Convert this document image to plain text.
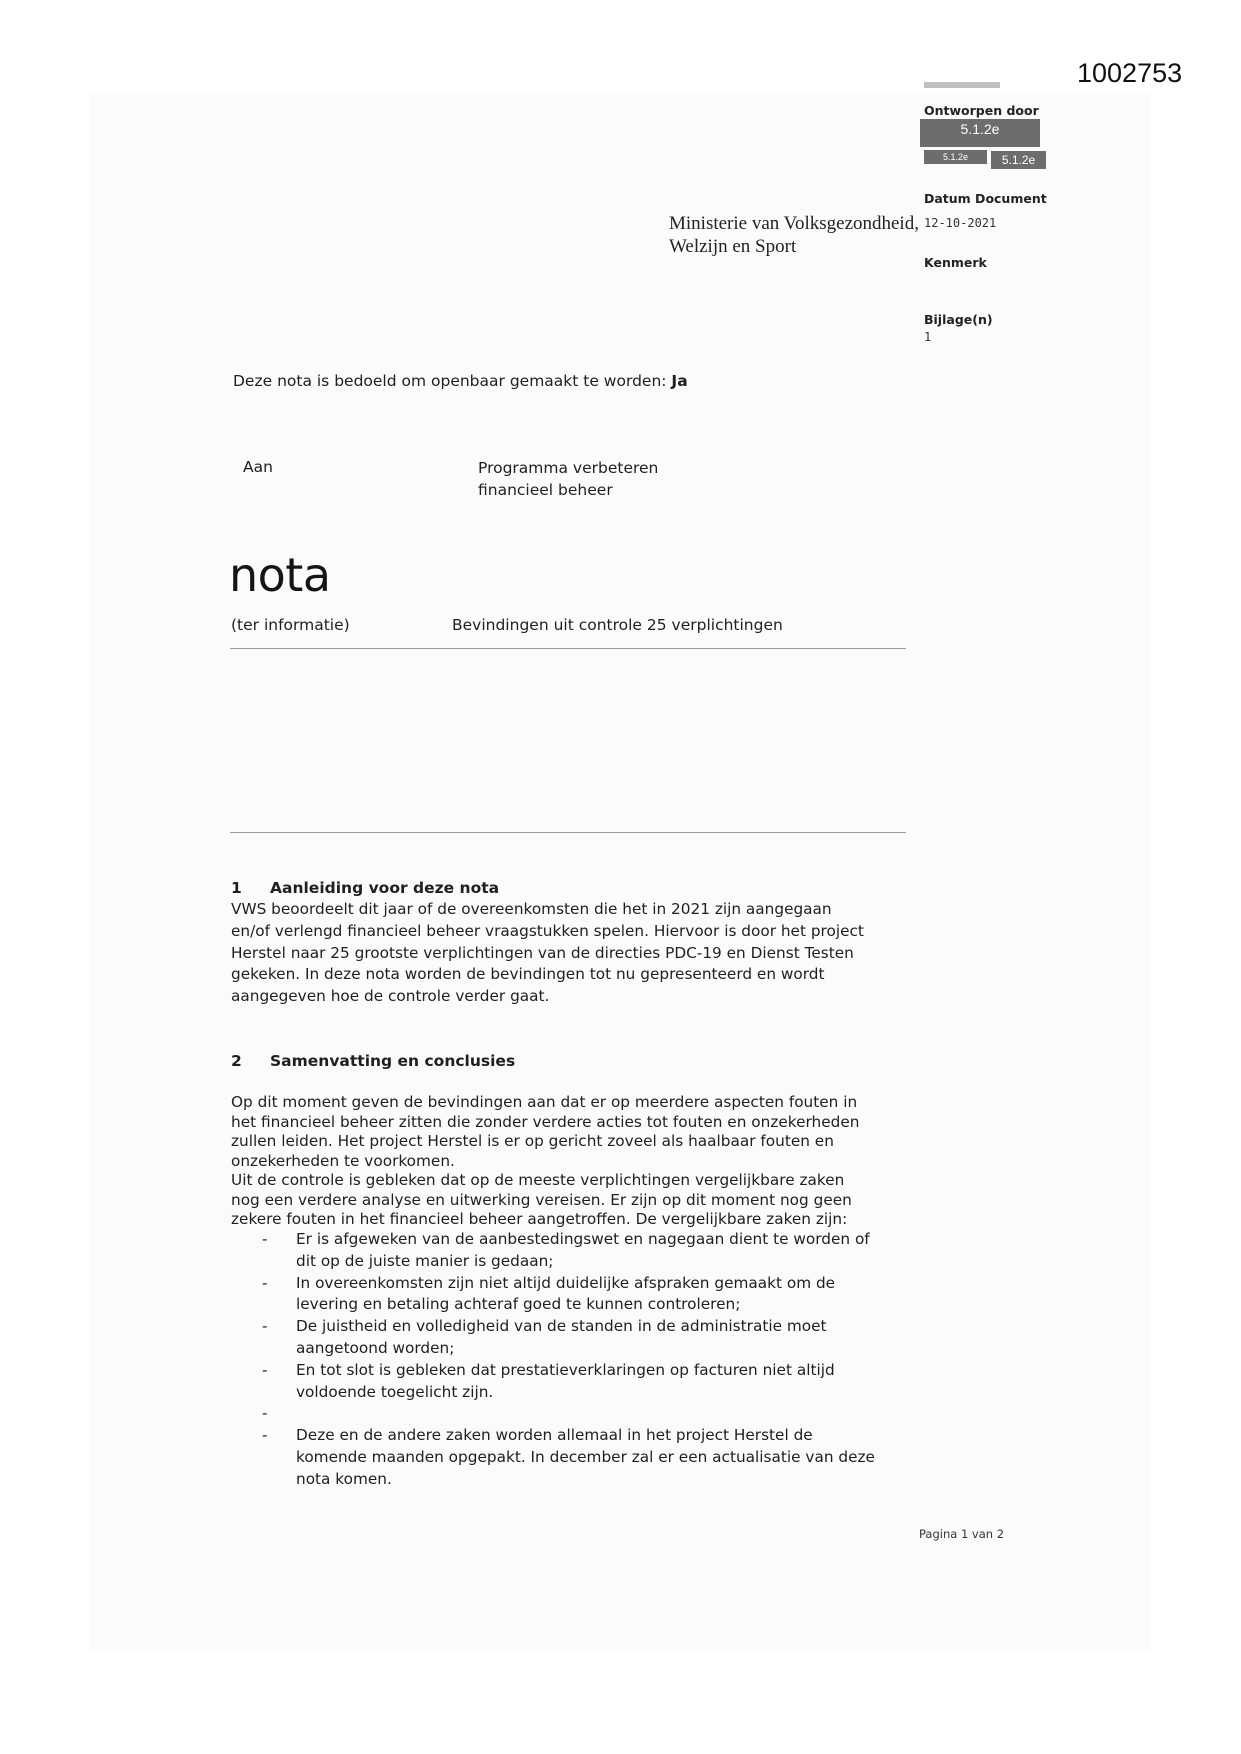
1002753
Ontworpen door
5.1.2e
5.1.2e	5.1.2e
Datum Document
12-10-2021
Kenmerk
Bijlage(n)
1
Ministerie van Volksgezondheid,
Welzijn en Sport
Deze nota is bedoeld om openbaar gemaakt te worden: Ja
Aan	Programma verbeteren
financieel beheer
nota
(ter informatie)	Bevindingen uit controle 25 verplichtingen
1 Aanleiding voor deze nota
VWS beoordeelt dit jaar of de overeenkomsten die het in 2021 zijn aangegaan
en/of verlengd financieel beheer vraagstukken spelen. Hiervoor is door het project
Herstel naar 25 grootste verplichtingen van de directies PDC-19 en Dienst Testen
gekeken. In deze nota worden de bevindingen tot nu gepresenteerd en wordt
aangegeven hoe de controle verder gaat.
2 Samenvatting en conclusies
Op dit moment geven de bevindingen aan dat er op meerdere aspecten fouten in
het financieel beheer zitten die zonder verdere acties tot fouten en onzekerheden
zullen leiden. Het project Herstel is er op gericht zoveel als haalbaar fouten en
onzekerheden te voorkomen.
Uit de controle is gebleken dat op de meeste verplichtingen vergelijkbare zaken
nog een verdere analyse en uitwerking vereisen. Er zijn op dit moment nog geen
zekere fouten in het financieel beheer aangetroffen. De vergelijkbare zaken zijn:
- Er is afgeweken van de aanbestedingswet en nagegaan dient te worden of
dit op de juiste manier is gedaan;
- In overeenkomsten zijn niet altijd duidelijke afspraken gemaakt om de
levering en betaling achteraf goed te kunnen controleren;
- De juistheid en volledigheid van de standen in de administratie moet
aangetoond worden;
- En tot slot is gebleken dat prestatieverklaringen op facturen niet altijd
voldoende toegelicht zijn.
-
- Deze en de andere zaken worden allemaal in het project Herstel de
komende maanden opgepakt. In december zal er een actualisatie van deze
nota komen.
Pagina 1 van 2
